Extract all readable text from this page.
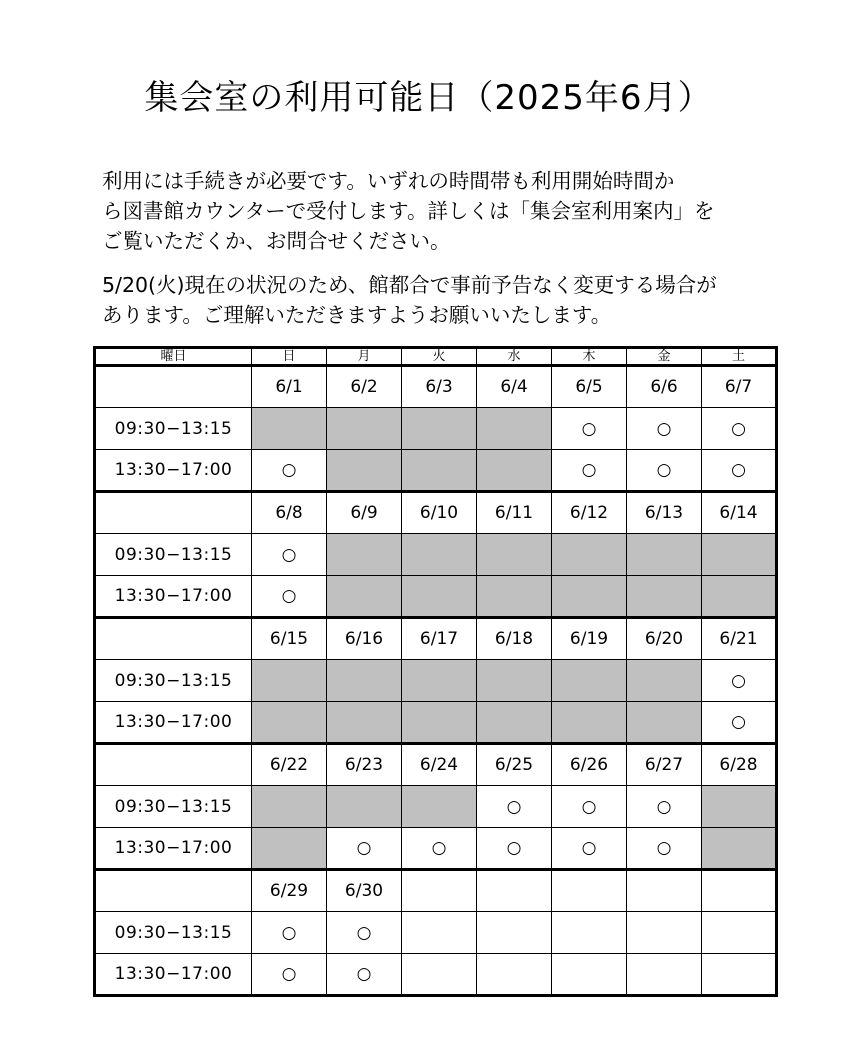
集会室の利用可能日（2025年6月）

利用には手続きが必要です。いずれの時間帯も利用開始時間か

ら図書館カウンターで受付します。詳しくは「集会室利用案内」を

ご覧いただくか、お問合せください。

5/20(火)現在の状況のため、館都合で事前予告なく変更する場合が

あります。ご理解いただきますようお願いいたします。

曜日	日	月	火	水	木	金	土
	6/1	6/2	6/3	6/4	6/5	6/6	6/7
09:30−13:15					○	○	○
13:30−17:00	○				○	○	○
	6/8	6/9	6/10	6/11	6/12	6/13	6/14
09:30−13:15	○						
13:30−17:00	○						
	6/15	6/16	6/17	6/18	6/19	6/20	6/21
09:30−13:15							○
13:30−17:00							○
	6/22	6/23	6/24	6/25	6/26	6/27	6/28
09:30−13:15				○	○	○	
13:30−17:00		○	○	○	○	○	
	6/29	6/30					
09:30−13:15	○	○					
13:30−17:00	○	○					
